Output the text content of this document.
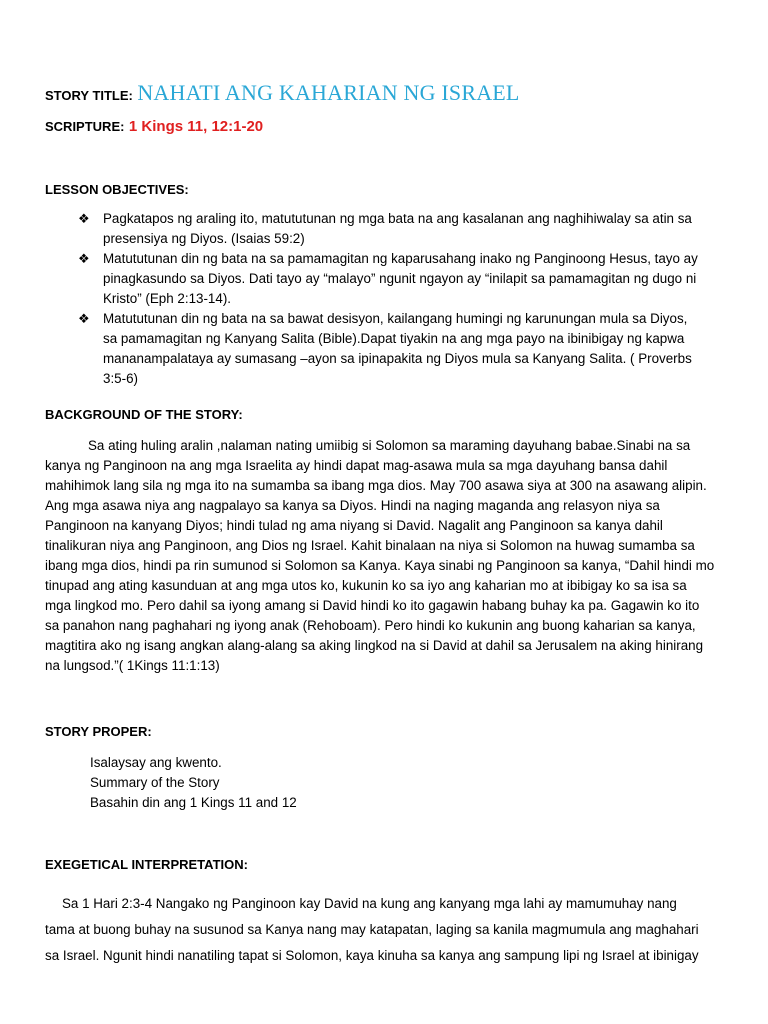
STORY TITLE: NAHATI ANG KAHARIAN NG ISRAEL
SCRIPTURE: 1 Kings 11, 12:1-20
LESSON OBJECTIVES:
❖ Pagkatapos ng araling ito, matututunan ng mga bata na ang kasalanan ang naghihiwalay sa atin sa
presensiya ng Diyos. (Isaias 59:2)
❖ Matututunan din ng bata na sa pamamagitan ng kaparusahang inako ng Panginoong Hesus, tayo ay
pinagkasundo sa Diyos. Dati tayo ay “malayo” ngunit ngayon ay “inilapit sa pamamagitan ng dugo ni
Kristo” (Eph 2:13-14).
❖ Matututunan din ng bata na sa bawat desisyon, kailangang humingi ng karunungan mula sa Diyos,
sa pamamagitan ng Kanyang Salita (Bible).Dapat tiyakin na ang mga payo na ibinibigay ng kapwa
mananampalataya ay sumasang –ayon sa ipinapakita ng Diyos mula sa Kanyang Salita. ( Proverbs
3:5-6)
BACKGROUND OF THE STORY:
Sa ating huling aralin ,nalaman nating umiibig si Solomon sa maraming dayuhang babae.Sinabi na sa
kanya ng Panginoon na ang mga Israelita ay hindi dapat mag-asawa mula sa mga dayuhang bansa dahil
mahihimok lang sila ng mga ito na sumamba sa ibang mga dios. May 700 asawa siya at 300 na asawang alipin.
Ang mga asawa niya ang nagpalayo sa kanya sa Diyos. Hindi na naging maganda ang relasyon niya sa
Panginoon na kanyang Diyos; hindi tulad ng ama niyang si David. Nagalit ang Panginoon sa kanya dahil
tinalikuran niya ang Panginoon, ang Dios ng Israel. Kahit binalaan na niya si Solomon na huwag sumamba sa
ibang mga dios, hindi pa rin sumunod si Solomon sa Kanya. Kaya sinabi ng Panginoon sa kanya, “Dahil hindi mo
tinupad ang ating kasunduan at ang mga utos ko, kukunin ko sa iyo ang kaharian mo at ibibigay ko sa isa sa
mga lingkod mo. Pero dahil sa iyong amang si David hindi ko ito gagawin habang buhay ka pa. Gagawin ko ito
sa panahon nang paghahari ng iyong anak (Rehoboam). Pero hindi ko kukunin ang buong kaharian sa kanya,
magtitira ako ng isang angkan alang-alang sa aking lingkod na si David at dahil sa Jerusalem na aking hinirang
na lungsod.”( 1Kings 11:1:13)
STORY PROPER:
Isalaysay ang kwento.
Summary of the Story
Basahin din ang 1 Kings 11 and 12
EXEGETICAL INTERPRETATION:
Sa 1 Hari 2:3-4 Nangako ng Panginoon kay David na kung ang kanyang mga lahi ay mamumuhay nang
tama at buong buhay na susunod sa Kanya nang may katapatan, laging sa kanila magmumula ang maghahari
sa Israel. Ngunit hindi nanatiling tapat si Solomon, kaya kinuha sa kanya ang sampung lipi ng Israel at ibinigay
